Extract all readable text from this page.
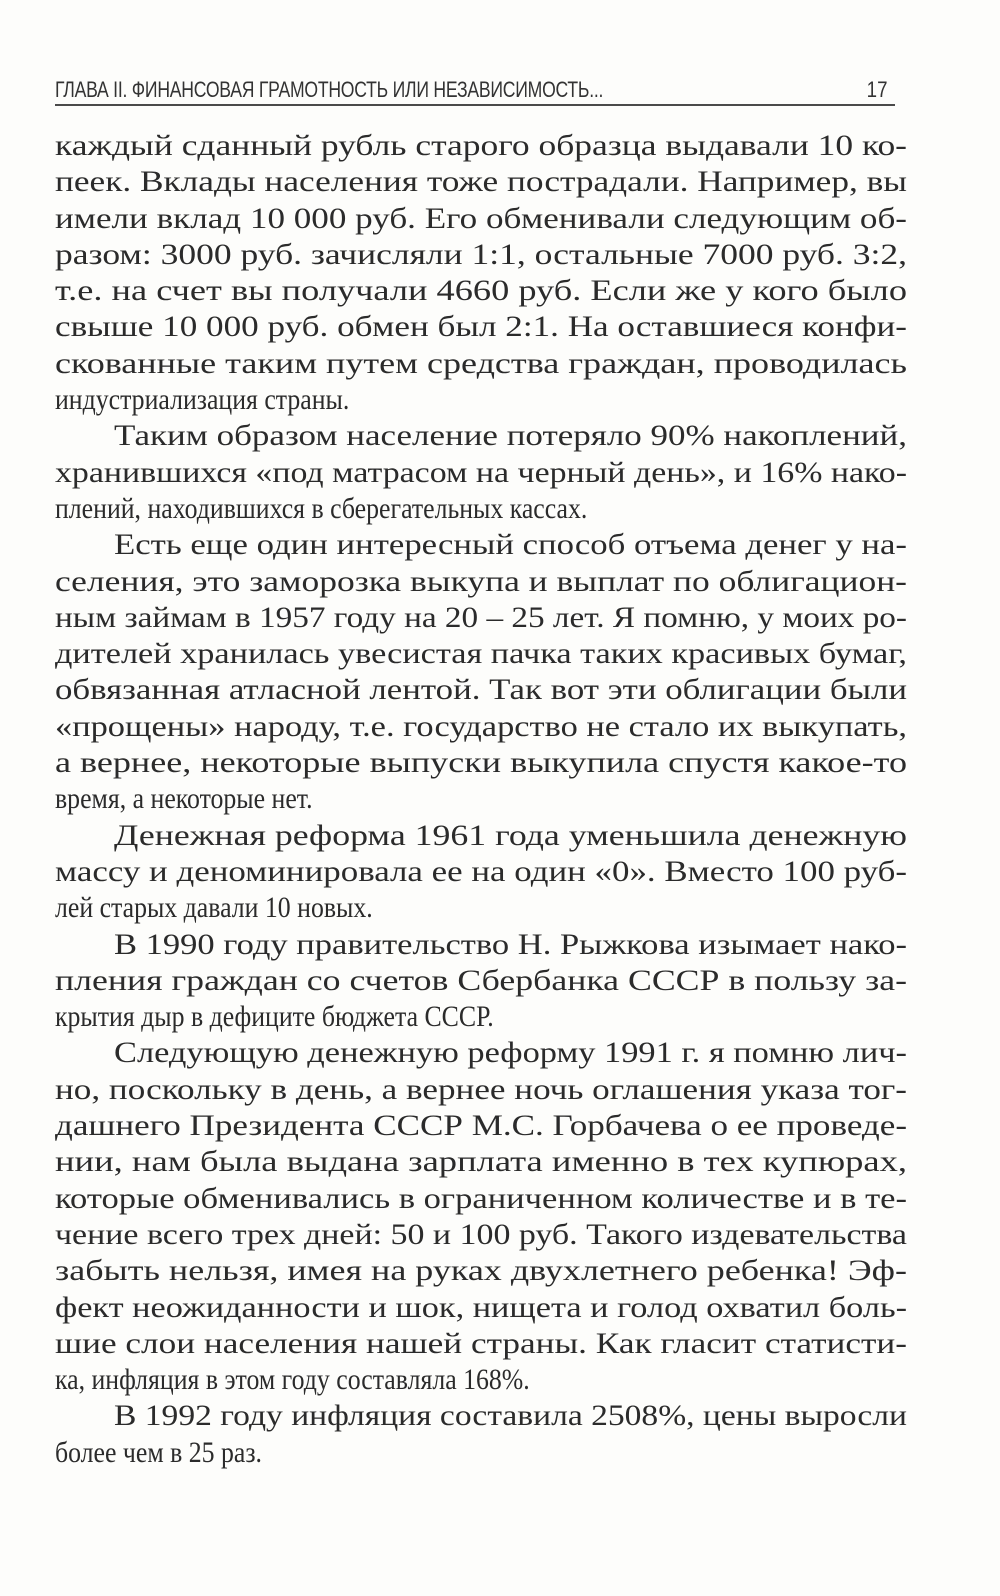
ГЛАВА II. ФИНАНСОВАЯ ГРАМОТНОСТЬ ИЛИ НЕЗАВИСИМОСТЬ...	17
каждый сданный рубль старого образца выдавали 10 ко-
пеек. Вклады населения тоже пострадали. Например, вы
имели вклад 10 000 руб. Его обменивали следующим об-
разом: 3000 руб. зачисляли 1:1, остальные 7000 руб. 3:2,
т.е. на счет вы получали 4660 руб. Если же у кого было
свыше 10 000 руб. обмен был 2:1. На оставшиеся конфи-
скованные таким путем средства граждан, проводилась
индустриализация страны.
Таким образом население потеряло 90% накоплений,
хранившихся «под матрасом на черный день», и 16% нако-
плений, находившихся в сберегательных кассах.
Есть еще один интересный способ отъема денег у на-
селения, это заморозка выкупа и выплат по облигацион-
ным займам в 1957 году на 20 – 25 лет. Я помню, у моих ро-
дителей хранилась увесистая пачка таких красивых бумаг,
обвязанная атласной лентой. Так вот эти облигации были
«прощены» народу, т.е. государство не стало их выкупать,
а вернее, некоторые выпуски выкупила спустя какое-то
время, а некоторые нет.
Денежная реформа 1961 года уменьшила денежную
массу и деноминировала ее на один «0». Вместо 100 руб-
лей старых давали 10 новых.
В 1990 году правительство Н. Рыжкова изымает нако-
пления граждан со счетов Сбербанка СССР в пользу за-
крытия дыр в дефиците бюджета СССР.
Следующую денежную реформу 1991 г. я помню лич-
но, поскольку в день, а вернее ночь оглашения указа тог-
дашнего Президента СССР М.С. Горбачева о ее проведе-
нии, нам была выдана зарплата именно в тех купюрах,
которые обменивались в ограниченном количестве и в те-
чение всего трех дней: 50 и 100 руб. Такого издевательства
забыть нельзя, имея на руках двухлетнего ребенка! Эф-
фект неожиданности и шок, нищета и голод охватил боль-
шие слои населения нашей страны. Как гласит статисти-
ка, инфляция в этом году составляла 168%.
В 1992 году инфляция составила 2508%, цены выросли
более чем в 25 раз.
